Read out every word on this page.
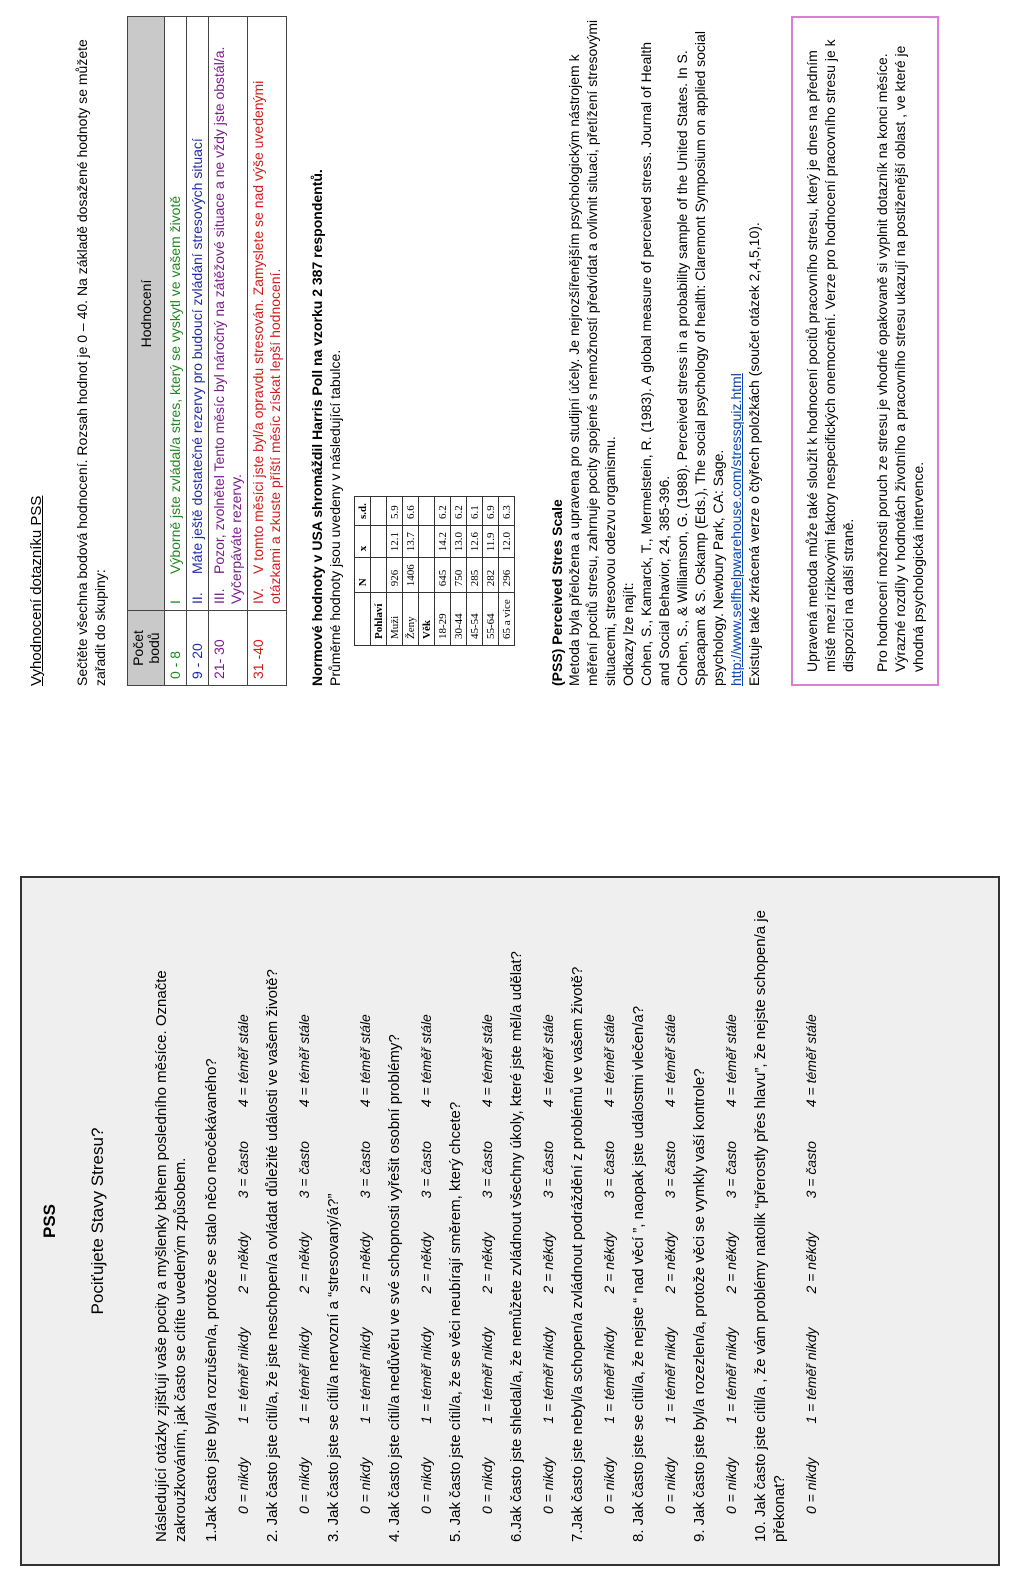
PSS Pociťujete Stavy Stresu?	Následující otázky zjišťují vaše pocity a myšlenky během posledního měsíce. Označte zakroužkováním, jak často se cítíte uvedeným způsobem. 1.Jak často jste byl/a rozrušen/a, protože se stalo něco neočekávaného? 0 = nikdy
1 = téměř nikdy
2 = někdy
3 = často
4 = téměř stále 2. Jak často jste cítil/a, že jste neschopen/a ovládat důležité události ve vašem životě? 0 = nikdy
1 = téměř nikdy
2 = někdy
3 = často
4 = téměř stále
3. Jak často jste se cítil/a nervozní a “stresovaný/á?” 0 = nikdy
1 = téměř nikdy
2 = někdy
3 = často
4 = téměř stále 4. Jak často jste cítil/a nedůvěru ve své schopnosti vyřešit osobní problémy? 0 = nikdy
1 = téměř nikdy
2 = někdy
3 = často
4 = téměř stále
5. Jak často jste cítil/a, že se věci neubírají směrem, který chcete? 0 = nikdy
1 = téměř nikdy
2 = někdy
3 = často
4 = téměř stále 6.Jak často jste shledal/a, že nemůžete zvládnout všechny úkoly, které jste měl/a udělat? 0 = nikdy
1 = téměř nikdy
2 = někdy
3 = často
4 = téměř stále 7.Jak často jste nebyl/a schopen/a zvládnout podráždění z problémů ve vašem životě? 0 = nikdy
1 = téměř nikdy
2 = někdy
3 = často
4 = téměř stále 8. Jak často jste se cítil/a, že nejste “ nad věcí ”, naopak jste událostmi vlečen/a? 0 = nikdy
1 = téměř nikdy
2 = někdy
3 = často
4 = téměř stále
9. Jak často jste byl/a rozezlen/a, protože věci se vymkly vaší kontrole? 0 = nikdy
1 = téměř nikdy
2 = někdy
3 = často
4 = téměř stále 10. Jak často jste cítil/a , že vám problémy natolik “přerostly přes hlavu”, že nejste schopen/a je překonat? 0 = nikdy
1 = téměř nikdy
2 = někdy
3 = často
4 = téměř stále
Vyhodnocení dotazníku PSS Sečtěte všechna bodová hodnocení. Rozsah hodnot je 0 – 40. Na základě dosažené hodnoty se můžete zařadit do skupiny: Počet bodů	Hodnocení
0 - 8	IVýborně jste zvládal/a stres, který se vyskytl ve vašem životě
9 - 20	II.Máte ještě dostatečné rezervy pro budoucí zvládání stresových situací
21- 30	III.Pozor, zvolnětel Tento měsíc byl náročný na zátěžové situace a ne vždy jste obstál/a. Vyčerpáváte rezervy.
31 -40	IV.V tomto měsíci jste byl/a opravdu stresován. Zamyslete se nad výše uvedenými otázkami a zkuste příští měsíc získat lepší hodnocení. Normové hodnoty v USA shromáždil Harris Poll na vzorku 2 387 respondentů. Průměrné hodnoty jsou uvedeny v následující tabulce.
	N	x	s.d.
Pohlaví			
Muži	926	12.1	5.9
Ženy	1406	13.7	6.6
Věk			
18-29	645	14.2	6.2
30-44	750	13.0	6.2
45-54	285	12.6	6.1
55-64	282	11.9	6.9
65 a více	296	12.0	6.3	(PSS) Perceived Stres Scale Metoda byla přeložena a upravena pro studijní účely. Je nejrozšířenějším psychologickým nástrojem k měření pocitů stresu, zahrnuje pocity spojené s nemožností předvídat a ovlivnit situaci, přetížení stresovými situacemi, stresovou odezvu organismu. Odkazy lze najít: Cohen, S., Kamarck, T., Mermelstein, R. (1983). A global measure of perceived stress. Journal of Health and Social Behavior, 24, 385-396. Cohen, S., & Williamson, G. (1988). Perceived stress in a probability sample of the United States. In S. Spacapam & S. Oskamp (Eds.), The social psychology of health: Claremont Symposium on applied social psychology. Newbury Park, CA: Sage. http://www.selfhelpwarehouse.com/stressquiz.html Existuje také zkrácená verze o čtyřech položkách (součet otázek 2,4,5,10).	Upravená metoda může také sloužit k hodnocení pocitů pracovního stresu, který je dnes na předním místě mezi rizikovými faktory nespecifických onemocnění. Verze pro hodnocení pracovního stresu je k dispozici na další straně. Pro hodnocení možnosti poruch ze stresu je vhodné opakovaně si vyplnit dotazník na konci měsíce. Výrazné rozdíly v hodnotách životního a pracovního stresu ukazují na postiženější oblast , ve které je vhodná psychologická intervence.
